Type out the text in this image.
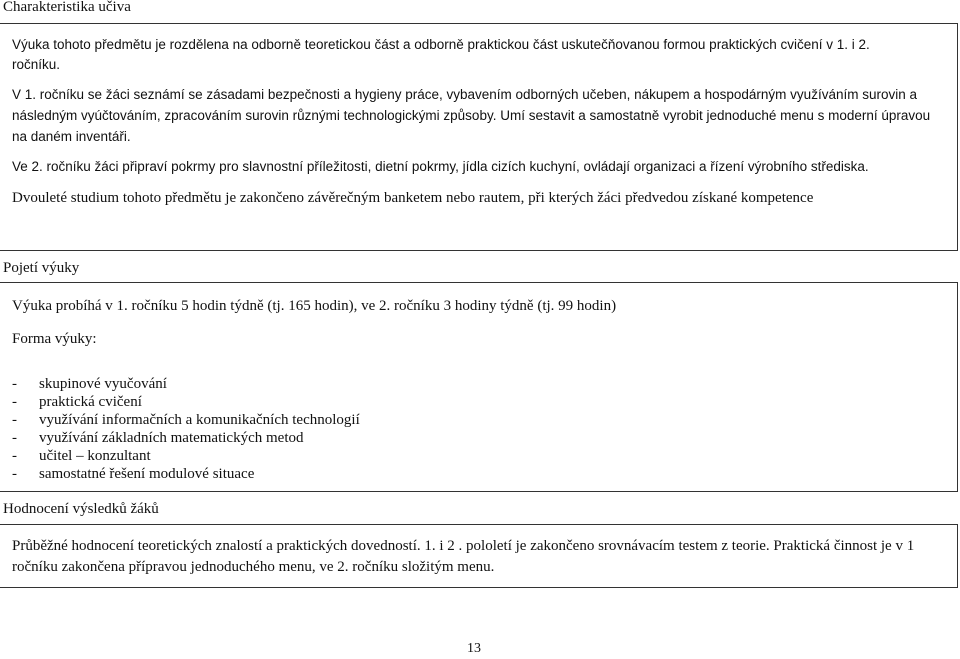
Charakteristika učiva

Výuka tohoto předmětu je rozdělena na odborně teoretickou část a odborně praktickou část uskutečňovanou formou praktických cvičení v 1. i 2. ročníku.

V 1. ročníku se žáci seznámí se zásadami bezpečnosti a hygieny práce, vybavením odborných učeben, nákupem a hospodárným využíváním surovin a následným vyúčtováním, zpracováním surovin různými technologickými způsoby. Umí sestavit a samostatně vyrobit jednoduché menu s moderní úpravou na daném inventáři.

Ve 2. ročníku žáci připraví pokrmy pro slavnostní příležitosti, dietní pokrmy, jídla cizích kuchyní, ovládají organizaci a řízení výrobního střediska.

Dvouleté studium tohoto předmětu je zakončeno závěrečným banketem nebo rautem, při kterých žáci předvedou získané kompetence

Pojetí výuky

Výuka probíhá v 1. ročníku 5 hodin týdně (tj. 165 hodin), ve 2. ročníku 3 hodiny týdně (tj. 99 hodin)

Forma výuky:

- skupinové vyučování
- praktická cvičení
- využívání informačních a komunikačních technologií
- využívání základních matematických metod
- učitel – konzultant
- samostatné řešení modulové situace
Hodnocení výsledků žáků

Průběžné hodnocení teoretických znalostí a praktických dovedností. 1. i 2 . pololetí je zakončeno srovnávacím testem z teorie. Praktická činnost je v 1 ročníku zakončena přípravou jednoduchého menu, ve 2. ročníku složitým menu.

13
